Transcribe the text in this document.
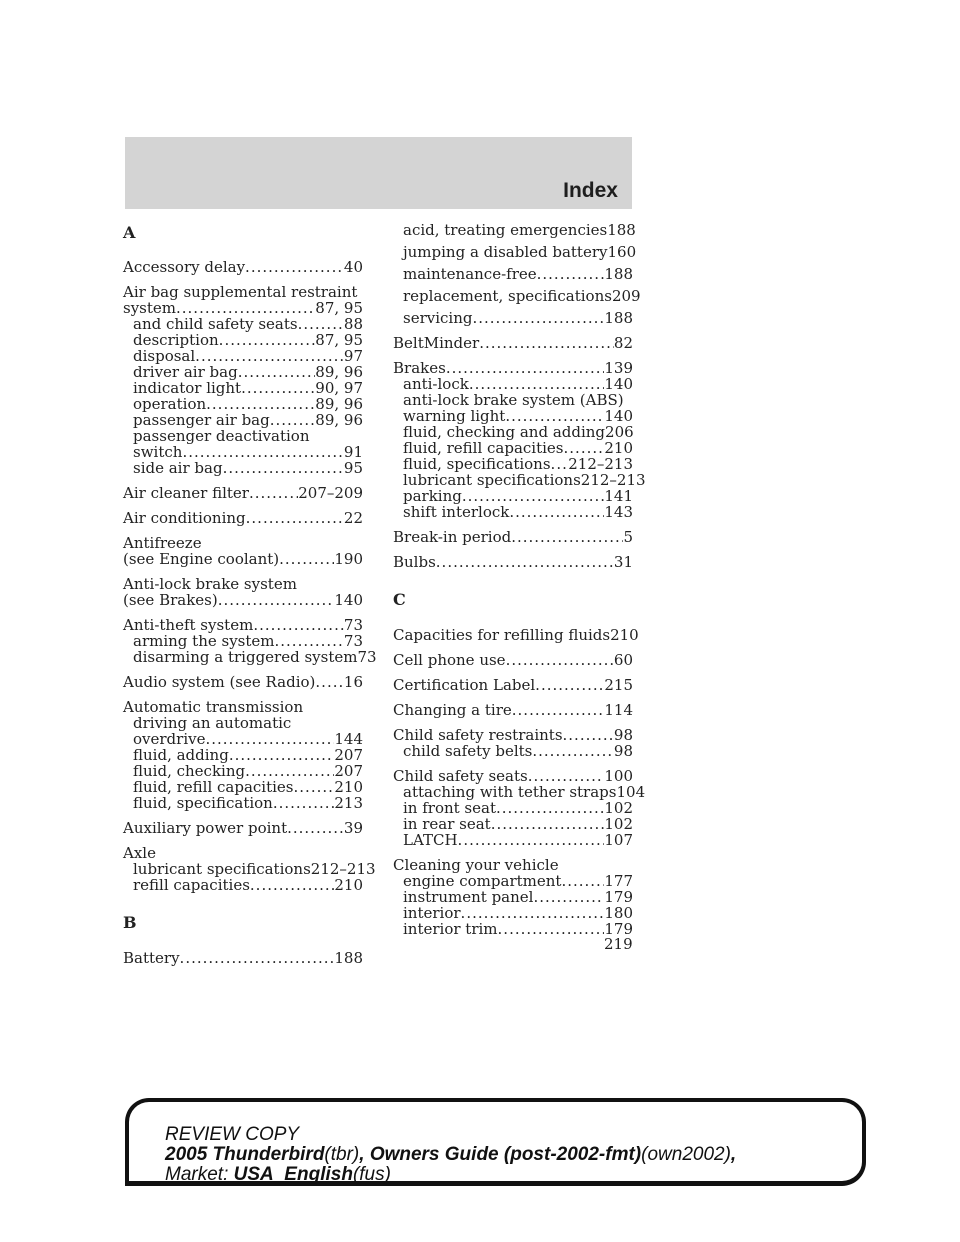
Index
A
Accessory delay .....	40
Air bag supplemental restraint
system .....	87, 95
and child safety seats .....	88
description .....	87, 95
disposal .....	97
driver air bag .....	89, 96
indicator light .....	90, 97
operation .....	89, 96
passenger air bag .....	89, 96
passenger deactivation
switch .....	91
side air bag .....	95
Air cleaner filter .....	207–209
Air conditioning .....	22
Antifreeze
(see Engine coolant) .....	190
Anti-lock brake system
(see Brakes) .....	140
Anti-theft system .....	73
arming the system .....	73
disarming a triggered system 73
Audio system (see Radio) ..... 16
Automatic transmission
driving an automatic
overdrive .....	144
fluid, adding .....	207
fluid, checking .....	207
fluid, refill capacities .....	210
fluid, specification .....	213
Auxiliary power point .....	39
Axle
lubricant specifications 212–213
refill capacities .....	210
B
Battery .....	188
acid, treating emergencies 188
jumping a disabled battery 160
maintenance-free .....	188
replacement, specifications 209
servicing .....	188
BeltMinder .....	82
Brakes .....	139
anti-lock .....	140
anti-lock brake system (ABS)
warning light .....	140
fluid, checking and adding 206
fluid, refill capacities .....	210
fluid, specifications ..... 212–213
lubricant specifications 212–213
parking .....	141
shift interlock .....	143
Break-in period .....	5
Bulbs .....	31
C
Capacities for refilling fluids 210
Cell phone use .....	60
Certification Label .....	215
Changing a tire .....	114
Child safety restraints .....	98
child safety belts .....	98
Child safety seats .....	100
attaching with tether straps 104
in front seat .....	102
in rear seat .....	102
LATCH .....	107
Cleaning your vehicle
engine compartment .....	177
instrument panel .....	179
interior .....	180
interior trim .....	179
219
REVIEW COPY
2005 Thunderbird(tbr), Owners Guide (post-2002-fmt)(own2002),
Market: USA_English(fus)
